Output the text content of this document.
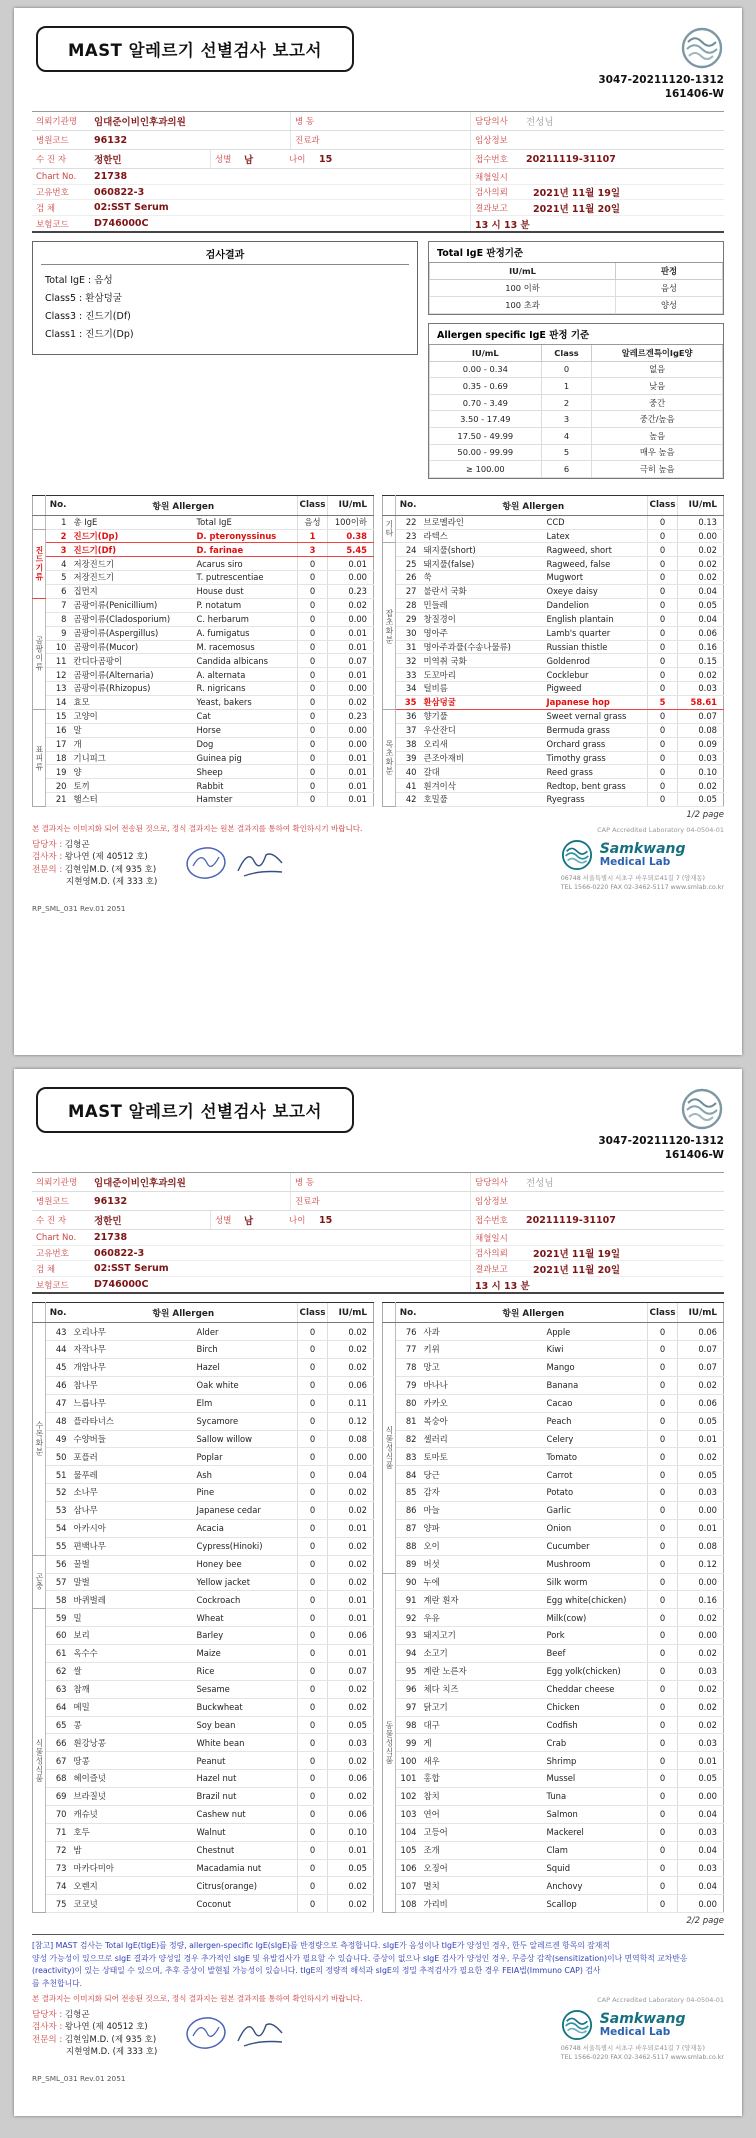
MAST 알레르기 선별검사 보고서
3047-20211120-1312
161406-W
의뢰기관명	임대준이비인후과의원	병 동	담당의사	전성님
병원코드	96132	진료과	임상정보
수 진 자	정한민	성별	남	나이	15	접수번호	20211119-31107
Chart No.	21738
고유번호	060822-3
검 체	02:SST Serum
보험코드	D746000C
채혈일시
검사의뢰	2021년 11월 19일
결과보고	2021년 11월 20일
13 시 13 분
검사결과
Total IgE : 음성
Class5 : 환삼덩굴
Class3 : 진드기(Df)
Class1 : 진드기(Dp)
Total IgE 판정기준
IU/mL	판정
100 이하	음성
100 초과	양성
Allergen specific IgE 판정 기준
IU/mL	Class	알레르겐특이IgE양
0.00 - 0.34	0	없음
0.35 - 0.69	1	낮음
0.70 - 3.49	2	중간
3.50 - 17.49	3	중간/높음
17.50 - 49.99	4	높음
50.00 - 99.99	5	매우 높음
≥ 100.00	6	극히 높음
	No.	항원 Allergen		Class	IU/mL
	1	총 IgE	Total IgE	음성	100이하
진드기류	2	진드기(Dp)	D. pteronyssinus	1	0.38
	3	진드기(Df)	D. farinae	3	5.45
	4	저장진드기	Acarus siro	0	0.01
	5	저장진드기	T. putrescentiae	0	0.00
	6	집먼지	House dust	0	0.23
곰팡이류	7	곰팡이류(Penicillium)	P. notatum	0	0.02
	8	곰팡이류(Cladosporium)	C. herbarum	0	0.00
	9	곰팡이류(Aspergillus)	A. fumigatus	0	0.01
	10	곰팡이류(Mucor)	M. racemosus	0	0.01
	11	칸디다곰팡이	Candida albicans	0	0.07
	12	곰팡이류(Alternaria)	A. alternata	0	0.01
	13	곰팡이류(Rhizopus)	R. nigricans	0	0.00
	14	효모	Yeast, bakers	0	0.02
표피류	15	고양이	Cat	0	0.23
	16	말	Horse	0	0.00
	17	개	Dog	0	0.00
	18	기니피그	Guinea pig	0	0.01
	19	양	Sheep	0	0.01
	20	토끼	Rabbit	0	0.01
	21	햄스터	Hamster	0	0.01
	No.	항원 Allergen		Class	IU/mL
기타	22	브로멜라인	CCD	0	0.13
	23	라텍스	Latex	0	0.00
잡초화분	24	돼지풀(short)	Ragweed, short	0	0.02
	25	돼지풀(false)	Ragweed, false	0	0.02
	26	쑥	Mugwort	0	0.02
	27	불란서 국화	Oxeye daisy	0	0.04
	28	민들레	Dandelion	0	0.05
	29	창질경이	English plantain	0	0.04
	30	명아주	Lamb's quarter	0	0.06
	31	명아주과풀(수송나물류)	Russian thistle	0	0.16
	32	미역취 국화	Goldenrod	0	0.15
	33	도꼬마리	Cocklebur	0	0.02
	34	털비름	Pigweed	0	0.03
	35	환삼덩굴	Japanese hop	5	58.61
목초화분	36	향기풀	Sweet vernal grass	0	0.07
	37	우산잔디	Bermuda grass	0	0.08
	38	오리새	Orchard grass	0	0.09
	39	큰조아재비	Timothy grass	0	0.03
	40	갈대	Reed grass	0	0.10
	41	흰겨이삭	Redtop, bent grass	0	0.02
	42	호밀풀	Ryegrass	0	0.05
1/2 page
본 결과지는 이미지화 되어 전송된 것으로, 정식 결과지는 원본 결과지를 통하여 확인하시기 바랍니다.	CAP Accredited Laboratory 04-0504-01
담당자 : 김형곤
검사자 : 왕나연 (제 40512 호)
전문의 : 김현임M.D. (제 935 호)
지현영M.D. (제 333 호)
Samkwang
Medical Lab
06748 서울특별시 서초구 바우뫼로41길 7 (양재동)
TEL 1566-0220 FAX 02-3462-5117 www.smlab.co.kr
RP_SML_031 Rev.01 2051
MAST 알레르기 선별검사 보고서
3047-20211120-1312
161406-W
의뢰기관명	임대준이비인후과의원	병 동	담당의사	전성님
병원코드	96132	진료과	임상정보
수 진 자	정한민	성별	남	나이	15	접수번호	20211119-31107
Chart No.	21738
고유번호	060822-3
검 체	02:SST Serum
보험코드	D746000C
채혈일시
검사의뢰	2021년 11월 19일
결과보고	2021년 11월 20일
13 시 13 분
	No.	항원 Allergen		Class	IU/mL
수목화분	43	오리나무	Alder	0	0.02
	44	자작나무	Birch	0	0.02
	45	개암나무	Hazel	0	0.02
	46	참나무	Oak white	0	0.06
	47	느릅나무	Elm	0	0.11
	48	플라타너스	Sycamore	0	0.12
	49	수양버들	Sallow willow	0	0.08
	50	포플러	Poplar	0	0.00
	51	물푸레	Ash	0	0.04
	52	소나무	Pine	0	0.02
	53	삼나무	Japanese cedar	0	0.02
	54	아카시아	Acacia	0	0.01
	55	편백나무	Cypress(Hinoki)	0	0.02
곤충	56	꿀벌	Honey bee	0	0.02
	57	말벌	Yellow jacket	0	0.02
	58	바퀴벌레	Cockroach	0	0.01
식물성식품	59	밀	Wheat	0	0.01
	60	보리	Barley	0	0.06
	61	옥수수	Maize	0	0.01
	62	쌀	Rice	0	0.07
	63	참깨	Sesame	0	0.02
	64	메밀	Buckwheat	0	0.02
	65	콩	Soy bean	0	0.05
	66	흰강낭콩	White bean	0	0.03
	67	땅콩	Peanut	0	0.02
	68	헤이즐넛	Hazel nut	0	0.06
	69	브라질넛	Brazil nut	0	0.02
	70	캐슈넛	Cashew nut	0	0.06
	71	호두	Walnut	0	0.10
	72	밤	Chestnut	0	0.01
	73	마카다미아	Macadamia nut	0	0.05
	74	오렌지	Citrus(orange)	0	0.02
	75	코코넛	Coconut	0	0.02
	No.	항원 Allergen		Class	IU/mL
식물성식품	76	사과	Apple	0	0.06
	77	키위	Kiwi	0	0.07
	78	망고	Mango	0	0.07
	79	바나나	Banana	0	0.02
	80	카카오	Cacao	0	0.06
	81	복숭아	Peach	0	0.05
	82	셀러리	Celery	0	0.01
	83	토마토	Tomato	0	0.02
	84	당근	Carrot	0	0.05
	85	감자	Potato	0	0.03
	86	마늘	Garlic	0	0.00
	87	양파	Onion	0	0.01
	88	오이	Cucumber	0	0.08
	89	버섯	Mushroom	0	0.12
동물성식품	90	누에	Silk worm	0	0.00
	91	계란 흰자	Egg white(chicken)	0	0.16
	92	우유	Milk(cow)	0	0.02
	93	돼지고기	Pork	0	0.00
	94	소고기	Beef	0	0.02
	95	계란 노른자	Egg yolk(chicken)	0	0.03
	96	체다 치즈	Cheddar cheese	0	0.02
	97	닭고기	Chicken	0	0.02
	98	대구	Codfish	0	0.02
	99	게	Crab	0	0.03
	100	새우	Shrimp	0	0.01
	101	홍합	Mussel	0	0.05
	102	참치	Tuna	0	0.00
	103	연어	Salmon	0	0.04
	104	고등어	Mackerel	0	0.03
	105	조개	Clam	0	0.04
	106	오징어	Squid	0	0.03
	107	멸치	Anchovy	0	0.04
	108	가리비	Scallop	0	0.00
2/2 page
[참고] MAST 검사는 Total IgE(tIgE)를 정량, allergen-specific IgE(sIgE)를 반정량으로 측정합니다. sIgE가 음성이나 tIgE가 양성인 경우, 한두 알레르겐 항목의 잠재적
양성 가능성이 있으므로 sIgE 결과가 양성일 경우 추가적인 sIgE 및 유발검사가 필요할 수 있습니다. 증상이 없으나 sIgE 검사가 양성인 경우, 무증상 감작(sensitization)이나 면역학적 교차반응
(reactivity)이 있는 상태일 수 있으며, 추후 증상이 발현될 가능성이 있습니다. tIgE의 정량적 해석과 sIgE의 정밀 추적검사가 필요한 경우 FEIA법(Immuno CAP) 검사
를 추천합니다.
본 결과지는 이미지화 되어 전송된 것으로, 정식 결과지는 원본 결과지를 통하여 확인하시기 바랍니다.	CAP Accredited Laboratory 04-0504-01
담당자 : 김형곤
검사자 : 왕나연 (제 40512 호)
전문의 : 김현임M.D. (제 935 호)
지현영M.D. (제 333 호)
Samkwang
Medical Lab
06748 서울특별시 서초구 바우뫼로41길 7 (양재동)
TEL 1566-0220 FAX 02-3462-5117 www.smlab.co.kr
RP_SML_031 Rev.01 2051
